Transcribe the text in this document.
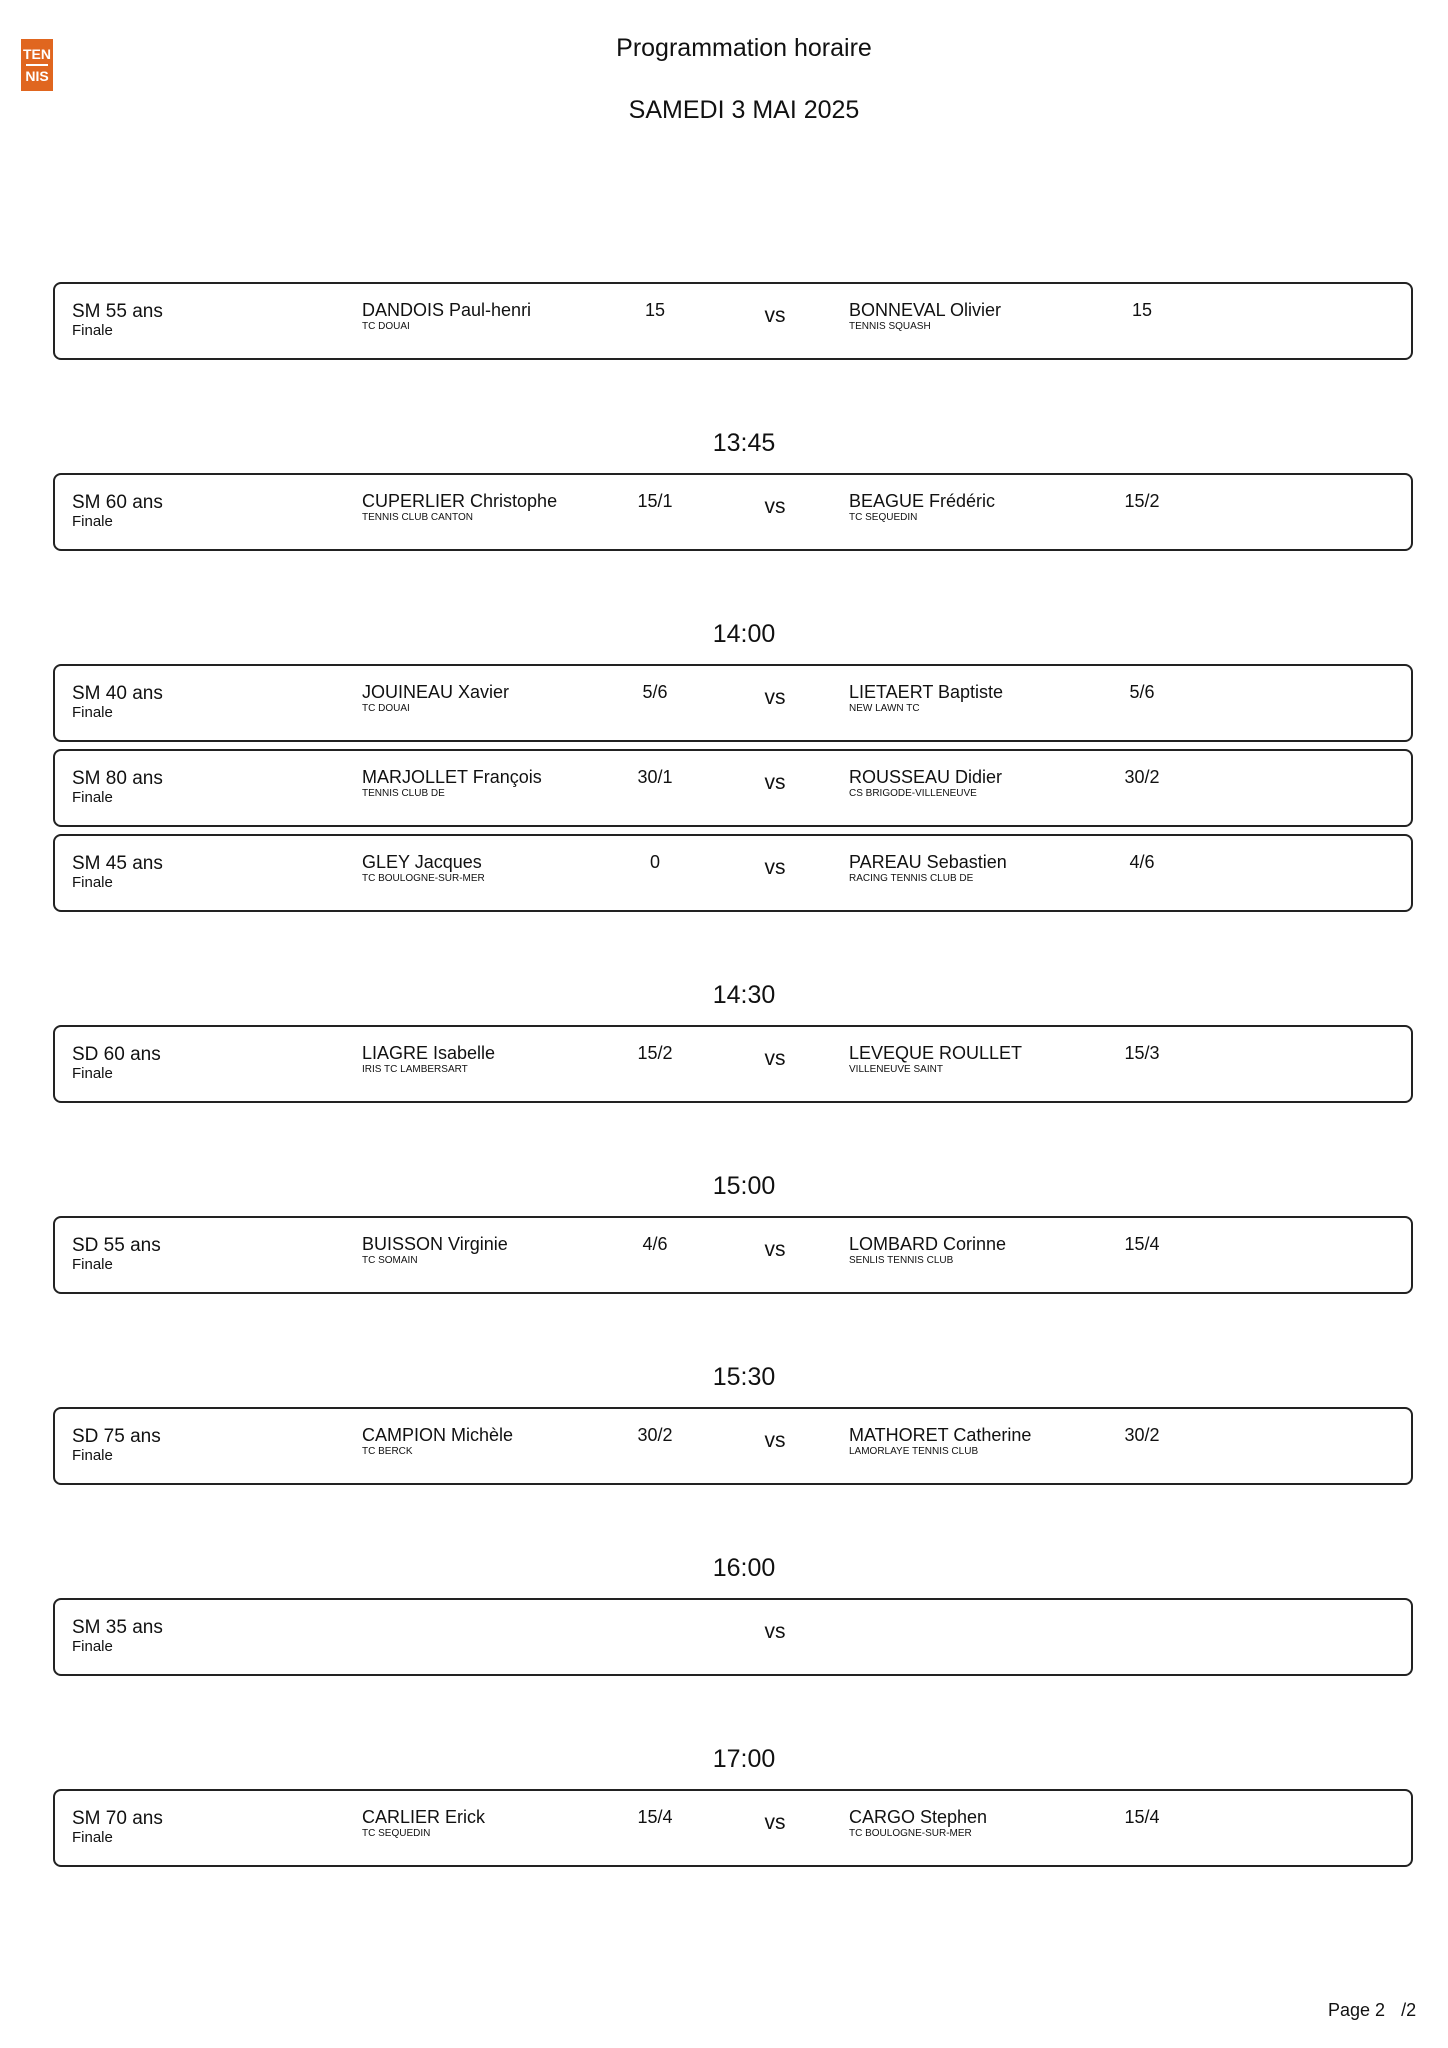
TEN
NIS
Programmation horaire
SAMEDI 3 MAI 2025
SM 55 ans
Finale
DANDOIS Paul-henri
TC DOUAI
15	vs	BONNEVAL Olivier
TENNIS SQUASH
15
13:45
SM 60 ans
Finale
CUPERLIER Christophe
TENNIS CLUB CANTON
15/1	vs	BEAGUE Frédéric
TC SEQUEDIN
15/2
14:00
SM 40 ans
Finale
JOUINEAU Xavier
TC DOUAI
5/6	vs	LIETAERT Baptiste
NEW LAWN TC
5/6
SM 80 ans
Finale
MARJOLLET François
TENNIS CLUB DE
30/1	vs	ROUSSEAU Didier
CS BRIGODE-VILLENEUVE
30/2
SM 45 ans
Finale
GLEY Jacques
TC BOULOGNE-SUR-MER
0	vs	PAREAU Sebastien
RACING TENNIS CLUB DE
4/6
14:30
SD 60 ans
Finale
LIAGRE Isabelle
IRIS TC LAMBERSART
15/2	vs	LEVEQUE ROULLET
VILLENEUVE SAINT
15/3
15:00
SD 55 ans
Finale
BUISSON Virginie
TC SOMAIN
4/6	vs	LOMBARD Corinne
SENLIS TENNIS CLUB
15/4
15:30
SD 75 ans
Finale
CAMPION Michèle
TC BERCK
30/2	vs	MATHORET Catherine
LAMORLAYE TENNIS CLUB
30/2
16:00
SM 35 ans
Finale
vs
17:00
SM 70 ans
Finale
CARLIER Erick
TC SEQUEDIN
15/4	vs	CARGO Stephen
TC BOULOGNE-SUR-MER
15/4
Page 2 /2
